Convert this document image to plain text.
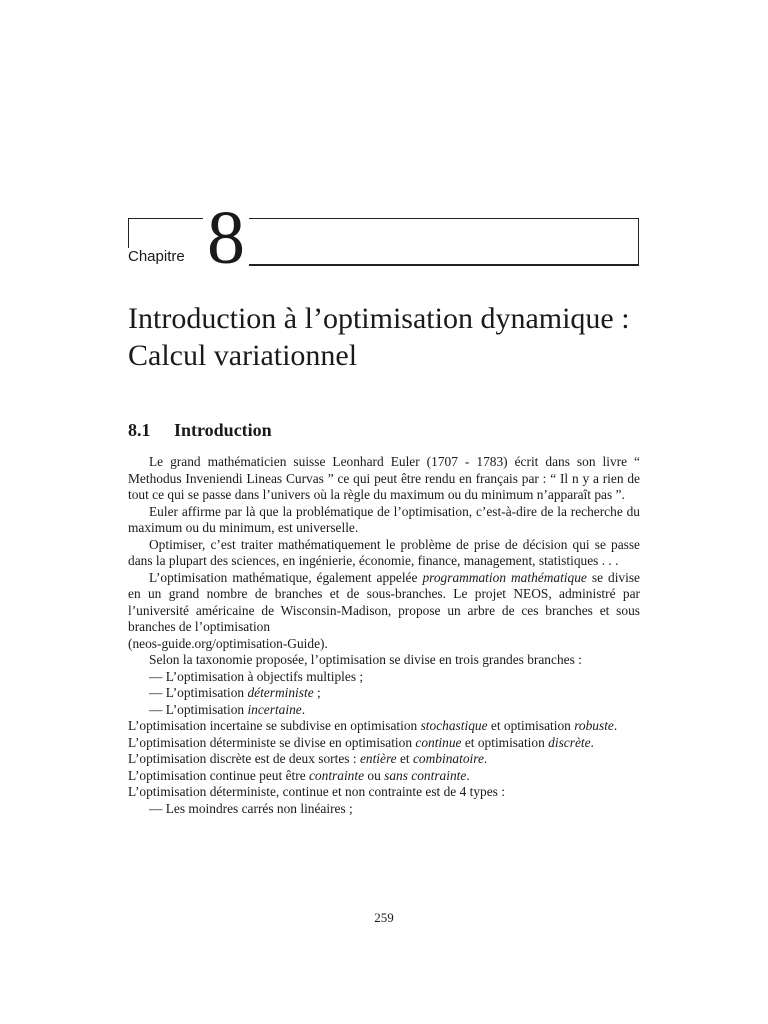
Chapitre 8
Introduction à l’optimisation dynamique : Calcul variationnel
8.1 Introduction

Le grand mathématicien suisse Leonhard Euler (1707 - 1783) écrit dans son livre “ Methodus Inveniendi Lineas Curvas ” ce qui peut être rendu en français par : “ Il n y a rien de tout ce qui se passe dans l’univers où la règle du maximum ou du minimum n’apparaît pas ”.

Euler affirme par là que la problématique de l’optimisation, c’est-à-dire de la recherche du maximum ou du minimum, est universelle.

Optimiser, c’est traiter mathématiquement le problème de prise de décision qui se passe dans la plupart des sciences, en ingénierie, économie, finance, management, statistiques . . .

L’optimisation mathématique, également appelée programmation mathématique se divise en un grand nombre de branches et de sous-branches. Le projet NEOS, administré par l’université américaine de Wisconsin-Madison, propose un arbre de ces branches et sous branches de l’optimisation
(neos-guide.org/optimisation-Guide).

Selon la taxonomie proposée, l’optimisation se divise en trois grandes branches :

— L’optimisation à objectifs multiples ;

— L’optimisation déterministe ;

— L’optimisation incertaine.

L’optimisation incertaine se subdivise en optimisation stochastique et optimisation robuste.

L’optimisation déterministe se divise en optimisation continue et optimisation discrète.

L’optimisation discrète est de deux sortes : entière et combinatoire.

L’optimisation continue peut être contrainte ou sans contrainte.

L’optimisation déterministe, continue et non contrainte est de 4 types :

— Les moindres carrés non linéaires ;

259
